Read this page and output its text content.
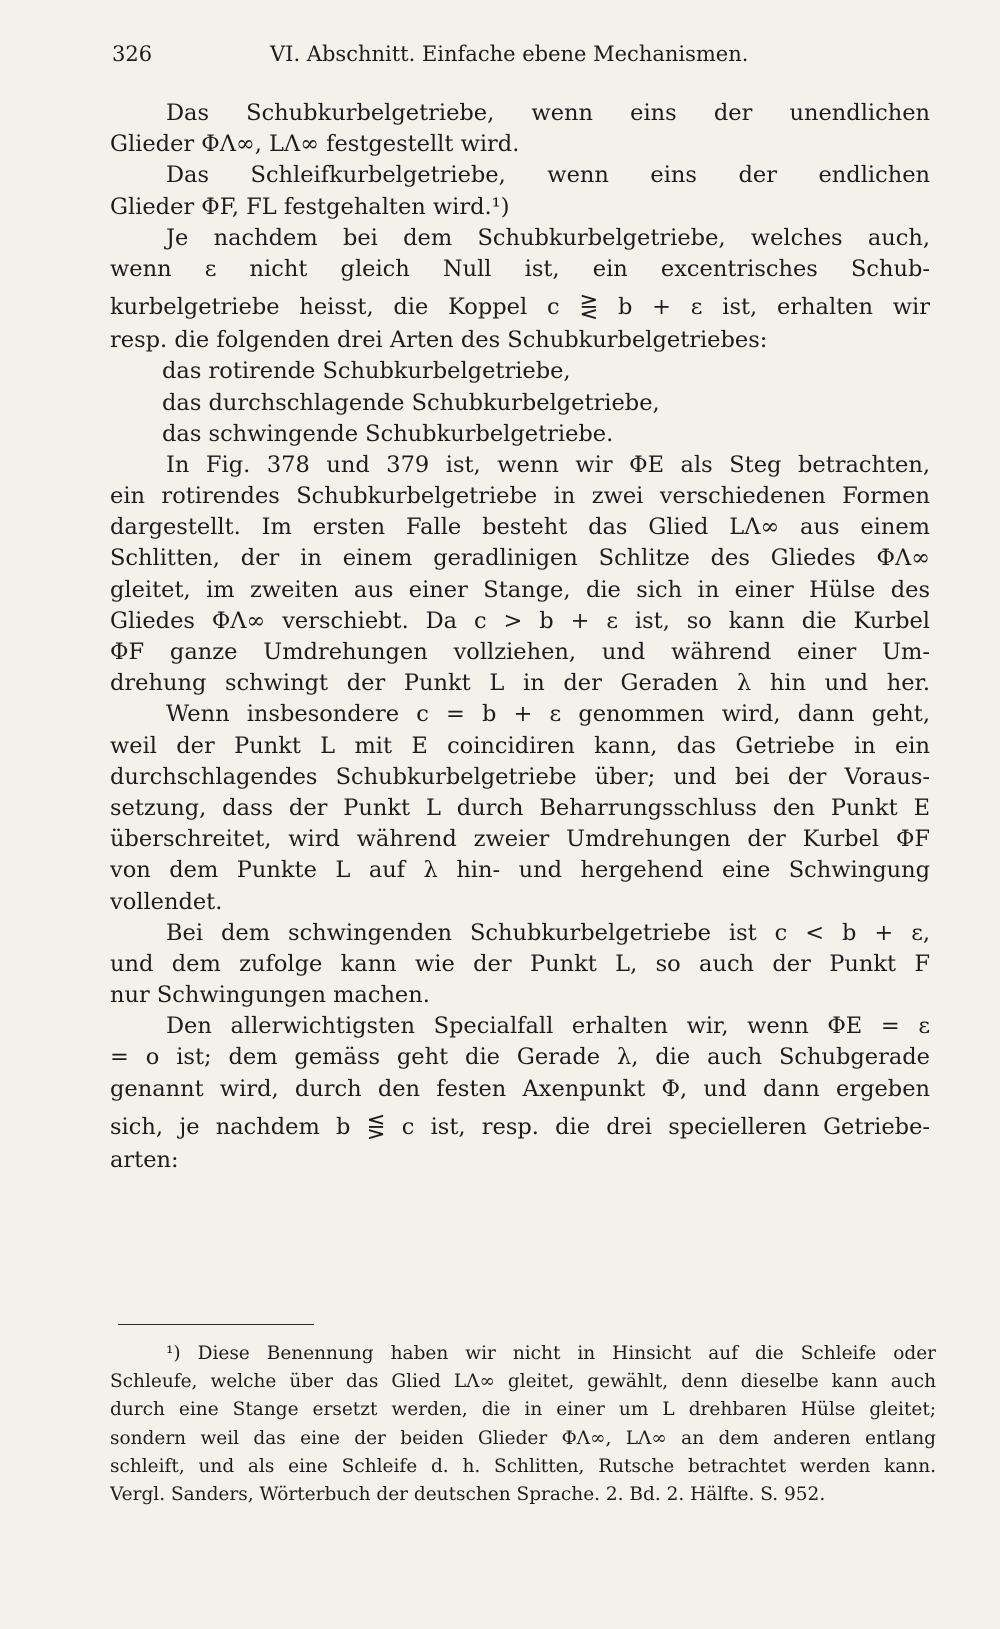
326	VI. Abschnitt. Einfache ebene Mechanismen.
Das Schubkurbelgetriebe, wenn eins der unendlichen
Glieder ΦΛ∞, LΛ∞ festgestellt wird.
Das Schleifkurbelgetriebe, wenn eins der endlichen
Glieder ΦF, FL festgehalten wird.¹)
Je nachdem bei dem Schubkurbelgetriebe, welches auch,
wenn ε nicht gleich Null ist, ein excentrisches Schub-
kurbelgetriebe heisst, die Koppel c ⋛ b + ε ist, erhalten wir
resp. die folgenden drei Arten des Schubkurbelgetriebes:
das rotirende Schubkurbelgetriebe,
das durchschlagende Schubkurbelgetriebe,
das schwingende Schubkurbelgetriebe.
In Fig. 378 und 379 ist, wenn wir ΦE als Steg betrachten,
ein rotirendes Schubkurbelgetriebe in zwei verschiedenen Formen
dargestellt. Im ersten Falle besteht das Glied LΛ∞ aus einem
Schlitten, der in einem geradlinigen Schlitze des Gliedes ΦΛ∞
gleitet, im zweiten aus einer Stange, die sich in einer Hülse des
Gliedes ΦΛ∞ verschiebt. Da c > b + ε ist, so kann die Kurbel
ΦF ganze Umdrehungen vollziehen, und während einer Um-
drehung schwingt der Punkt L in der Geraden λ hin und her.
Wenn insbesondere c = b + ε genommen wird, dann geht,
weil der Punkt L mit E coincidiren kann, das Getriebe in ein
durchschlagendes Schubkurbelgetriebe über; und bei der Voraus-
setzung, dass der Punkt L durch Beharrungsschluss den Punkt E
überschreitet, wird während zweier Umdrehungen der Kurbel ΦF
von dem Punkte L auf λ hin- und hergehend eine Schwingung
vollendet.
Bei dem schwingenden Schubkurbelgetriebe ist c < b + ε,
und dem zufolge kann wie der Punkt L, so auch der Punkt F
nur Schwingungen machen.
Den allerwichtigsten Specialfall erhalten wir, wenn ΦE = ε
= o ist; dem gemäss geht die Gerade λ, die auch Schubgerade
genannt wird, durch den festen Axenpunkt Φ, und dann ergeben
sich, je nachdem b ⋚ c ist, resp. die drei specielleren Getriebe-
arten:
¹) Diese Benennung haben wir nicht in Hinsicht auf die Schleife oder
Schleufe, welche über das Glied LΛ∞ gleitet, gewählt, denn dieselbe kann auch
durch eine Stange ersetzt werden, die in einer um L drehbaren Hülse gleitet;
sondern weil das eine der beiden Glieder ΦΛ∞, LΛ∞ an dem anderen entlang
schleift, und als eine Schleife d. h. Schlitten, Rutsche betrachtet werden kann.
Vergl. Sanders, Wörterbuch der deutschen Sprache. 2. Bd. 2. Hälfte. S. 952.
